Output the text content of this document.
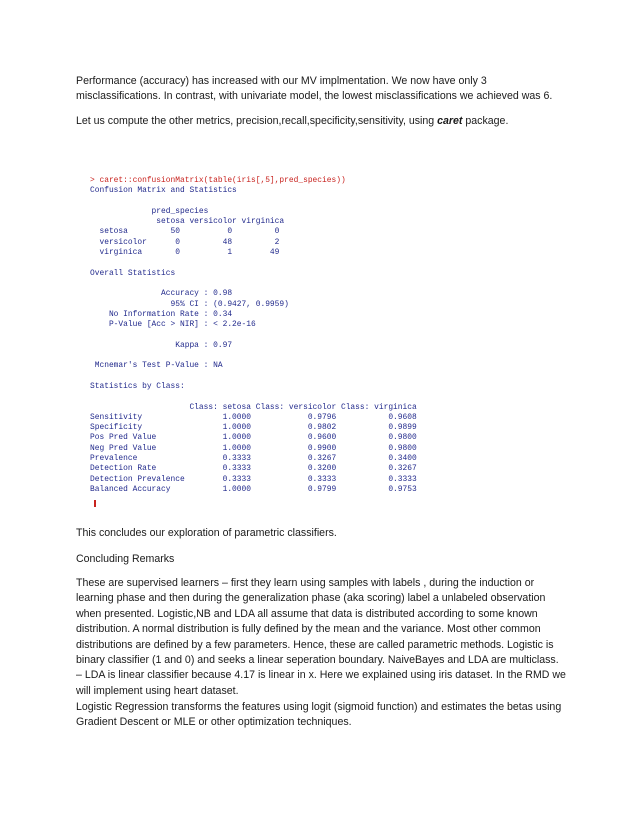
Performance (accuracy) has increased with our MV implmentation. We now have only 3 misclassifications. In contrast, with univariate model, the lowest misclassifications we achieved was 6.

Let us compute the other metrics, precision,recall,specificity,sensitivity, using caret package.

> caret::confusionMatrix(table(iris[,5],pred_species))
Confusion Matrix and Statistics

pred_species
setosa versicolor virginica
setosa         50          0         0
versicolor      0         48         2
virginica       0          1        49

Overall Statistics

Accuracy : 0.98
95% CI : (0.9427, 0.9959)
No Information Rate : 0.34
P-Value [Acc > NIR] : < 2.2e-16

Kappa : 0.97

Mcnemar's Test P-Value : NA

Statistics by Class:

Class: setosa Class: versicolor Class: virginica
Sensitivity                 1.0000            0.9796           0.9608
Specificity                 1.0000            0.9802           0.9899
Pos Pred Value              1.0000            0.9600           0.9800
Neg Pred Value              1.0000            0.9900           0.9800
Prevalence                  0.3333            0.3267           0.3400
Detection Rate              0.3333            0.3200           0.3267
Detection Prevalence        0.3333            0.3333           0.3333
Balanced Accuracy           1.0000            0.9799           0.9753

This concludes our exploration of parametric classifiers.

Concluding Remarks

These are supervised learners – first they learn using samples with labels , during the induction or learning phase and then during the generalization phase (aka scoring) label a unlabeled observation when presented. Logistic,NB and LDA all assume that data is distributed according to some known distribution. A normal distribution is fully defined by the mean and the variance. Most other common distributions are defined by a few parameters. Hence, these are called parametric methods. Logistic is binary classifier (1 and 0) and seeks a linear seperation boundary. NaiveBayes and LDA are multiclass. – LDA is linear classifier because 4.17 is linear in x. Here we explained using iris dataset. In the RMD we will implement using heart dataset.

Logistic Regression transforms the features using logit (sigmoid function) and estimates the betas using Gradient Descent or MLE or other optimization techniques.
